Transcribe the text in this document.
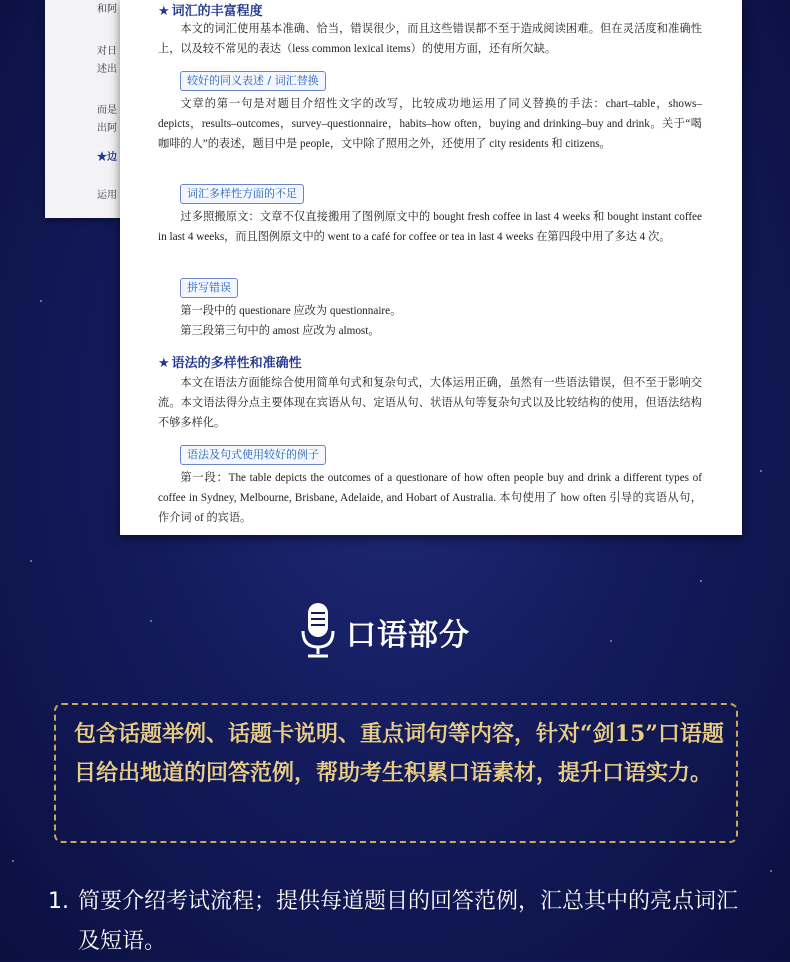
和阿
对日
述出
而是
出阿
★边
运用
★ 词汇的丰富程度
本文的词汇使用基本准确、恰当，错误很少，而且这些错误都不至于造成阅读困难。但在灵活度和准确性上，以及较不常见的表达（less common lexical items）的使用方面，还有所欠缺。
较好的同义表述 / 词汇替换
文章的第一句是对题目介绍性文字的改写，比较成功地运用了同义替换的手法：chart–table，shows–depicts，results–outcomes，survey–questionnaire，habits–how often，buying and drinking–buy and drink。关于“喝咖啡的人”的表述，题目中是 people，文中除了照用之外，还使用了 city residents 和 citizens。
词汇多样性方面的不足
过多照搬原文：文章不仅直接搬用了图例原文中的 bought fresh coffee in last 4 weeks 和 bought instant coffee in last 4 weeks，而且图例原文中的 went to a café for coffee or tea in last 4 weeks 在第四段中用了多达 4 次。
拼写错误
第一段中的 questionare 应改为 questionnaire。
第三段第三句中的 amost 应改为 almost。
★ 语法的多样性和准确性
本文在语法方面能综合使用简单句式和复杂句式，大体运用正确，虽然有一些语法错误，但不至于影响交流。本文语法得分点主要体现在宾语从句、定语从句、状语从句等复杂句式以及比较结构的使用，但语法结构不够多样化。
语法及句式使用较好的例子
第一段：The table depicts the outcomes of a questionare of how often people buy and drink a different types of coffee in Sydney, Melbourne, Brisbane, Adelaide, and Hobart of Australia. 本句使用了 how often 引导的宾语从句，作介词 of 的宾语。
口语部分
包含话题举例、话题卡说明、重点词句等内容，针对“剑15”口语题目给出地道的回答范例，帮助考生积累口语素材，提升口语实力。
1. 简要介绍考试流程；提供每道题目的回答范例，汇总其中的亮点词汇及短语。
